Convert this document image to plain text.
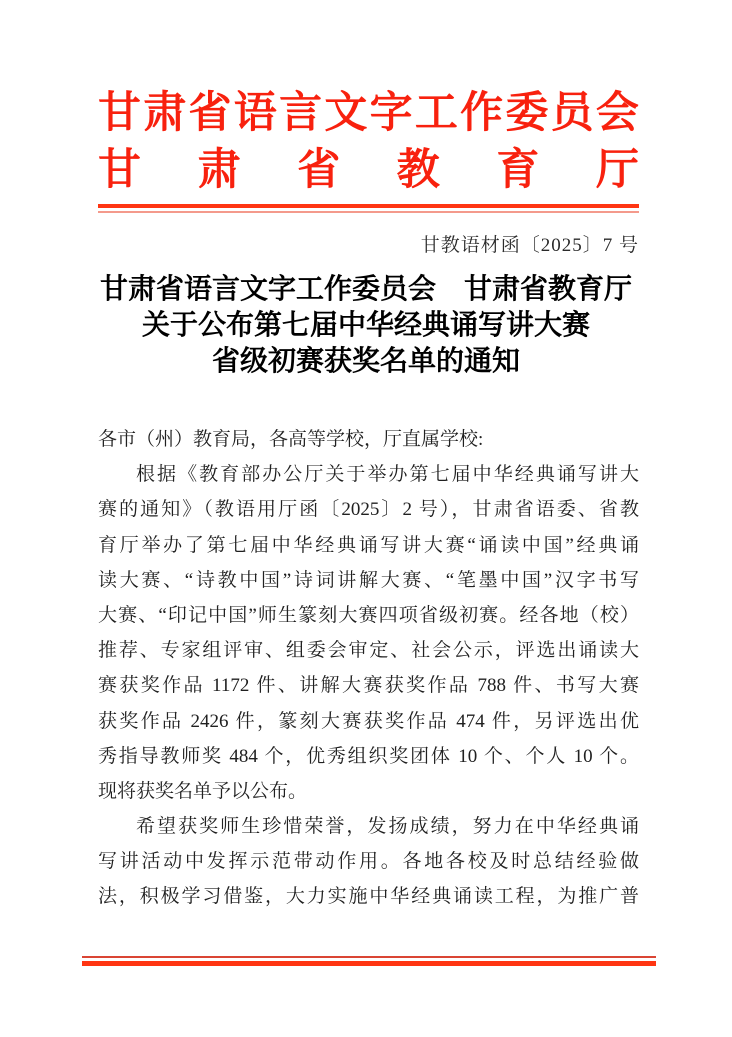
甘 肃 省 语 言 文 字 工 作 委 员 会
甘 肃 省 教 育 厅
甘教语材函〔2025〕7 号
甘肃省语言文字工作委员会　甘肃省教育厅
关于公布第七届中华经典诵写讲大赛
省级初赛获奖名单的通知
各市（州）教育局，各高等学校，厅直属学校:
根据《教育部办公厅关于举办第七届中华经典诵写讲大
赛的通知》（教语用厅函〔2025〕2 号），甘肃省语委、省教
育厅举办了第七届中华经典诵写讲大赛“诵读中国”经典诵
读大赛、“诗教中国”诗词讲解大赛、“笔墨中国”汉字书写
大赛、“印记中国”师生篆刻大赛四项省级初赛。经各地（校）
推荐、专家组评审、组委会审定、社会公示，评选出诵读大
赛获奖作品 1172 件、讲解大赛获奖作品 788 件、书写大赛
获奖作品 2426 件，篆刻大赛获奖作品 474 件，另评选出优
秀指导教师奖 484 个，优秀组织奖团体 10 个、个人 10 个。
现将获奖名单予以公布。
希望获奖师生珍惜荣誉，发扬成绩，努力在中华经典诵
写讲活动中发挥示范带动作用。各地各校及时总结经验做
法，积极学习借鉴，大力实施中华经典诵读工程，为推广普
